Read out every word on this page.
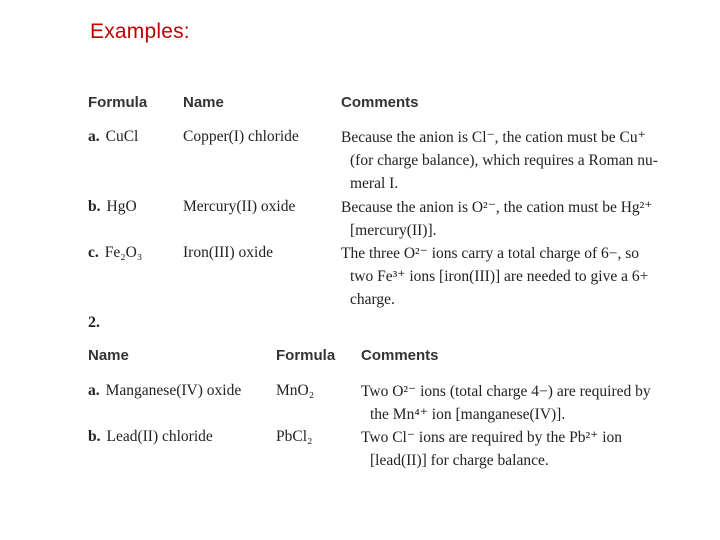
Examples:
Formula Name	Comments
a. CuCl	Copper(I) chloride	Because the anion is Cl⁻, the cation must be Cu⁺
(for charge balance), which requires a Roman nu-
meral I.
b. HgO	Mercury(II) oxide	Because the anion is O²⁻, the cation must be Hg²⁺
[mercury(II)].
c. Fe₂O₃	Iron(III) oxide	The three O²⁻ ions carry a total charge of 6−, so
two Fe³⁺ ions [iron(III)] are needed to give a 6+
charge.
2.
Name	Formula Comments
a. Manganese(IV) oxide MnO₂	Two O²⁻ ions (total charge 4−) are required by
the Mn⁴⁺ ion [manganese(IV)].
b. Lead(II) chloride	PbCl₂	Two Cl⁻ ions are required by the Pb²⁺ ion
[lead(II)] for charge balance.
